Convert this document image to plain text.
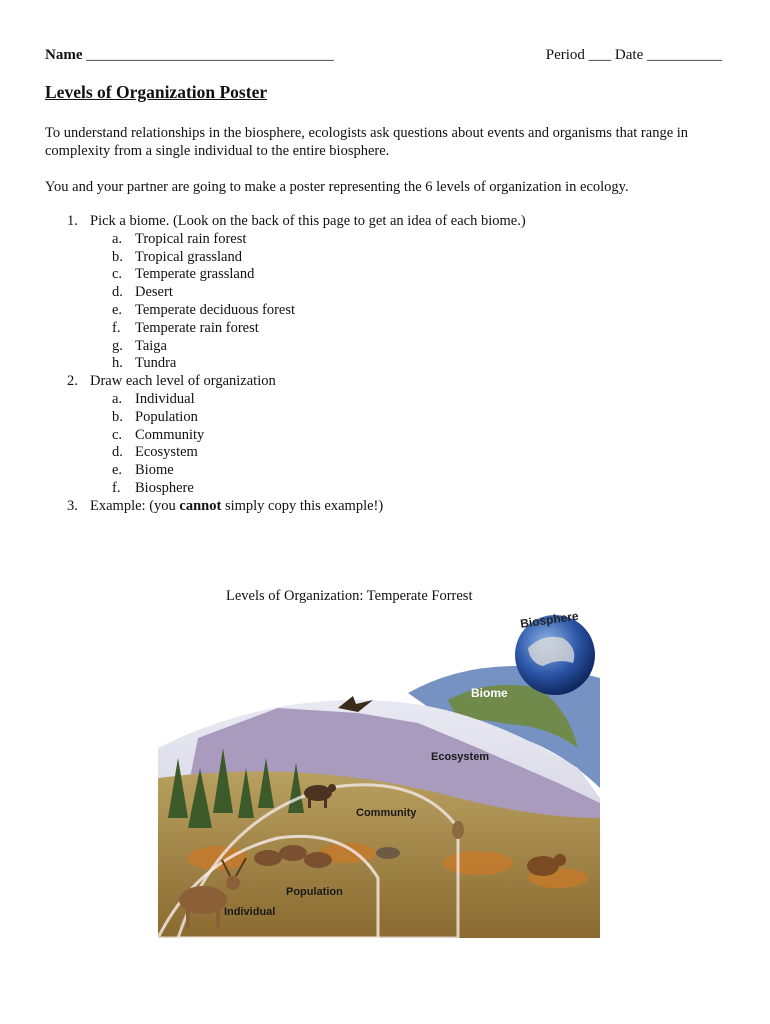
Name _________________________________	Period ___ Date __________
Levels of Organization Poster
To understand relationships in the biosphere, ecologists ask questions about events and organisms that range in complexity from a single individual to the entire biosphere.
You and your partner are going to make a poster representing the 6 levels of organization in ecology.
1. Pick a biome. (Look on the back of this page to get an idea of each biome.)
a. Tropical rain forest
b. Tropical grassland
c. Temperate grassland
d. Desert
e. Temperate deciduous forest
f. Temperate rain forest
g. Taiga
h. Tundra
2. Draw each level of organization
a. Individual
b. Population
c. Community
d. Ecosystem
e. Biome
f. Biosphere
3. Example: (you cannot simply copy this example!)
Levels of Organization: Temperate Forrest
Biosphere
Biome
Ecosystem
Community
Population
Individual
